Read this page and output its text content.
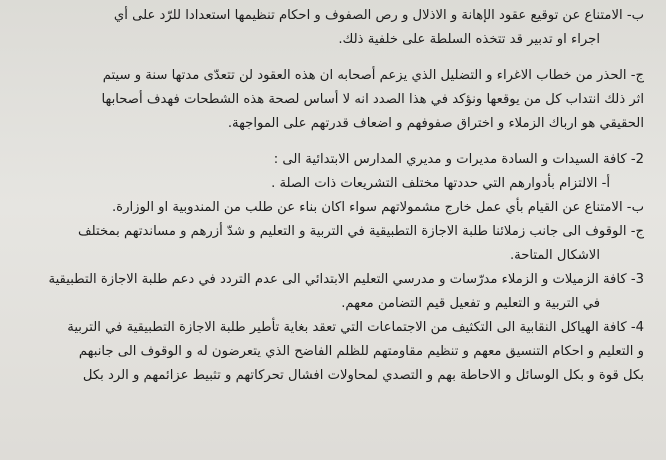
ب- الامتناع عن توقيع عقود الإهانة و الاذلال و رص الصفوف و احكام تنظيمها استعدادا للرّد على أي
اجراء او تدبير قد تتخذه السلطة على خلفية ذلك.
ج- الحذر من خطاب الاغراء و التضليل الذي يزعم أصحابه ان هذه العقود لن تتعدّى مدتها سنة و سيتم
اثر ذلك انتداب كل من يوقعها ونؤكد في هذا الصدد انه لا أساس لصحة هذه الشطحات فهدف أصحابها
الحقيقي هو ارباك الزملاء و اختراق صفوفهم و اضعاف قدرتهم على المواجهة.
2- كافة السيدات و السادة مديرات و مديري المدارس الابتدائية الى :
أ- الالتزام بأدوارهم التي حددتها مختلف التشريعات ذات الصلة .
ب- الامتناع عن القيام بأي عمل خارج مشمولاتهم سواء اكان بناء عن طلب من المندوبية او الوزارة.
ج- الوقوف الى جانب زملائنا طلبة الاجازة التطبيقية في التربية و التعليم و شدّ أزرهم و مساندتهم بمختلف
الاشكال المتاحة.
3- كافة الزميلات و الزملاء مدرّسات و مدرسي التعليم الابتدائي الى عدم التردد في دعم طلبة الاجازة التطبيقية
في التربية و التعليم و تفعيل قيم التضامن معهم.
4- كافة الهياكل النقابية الى التكثيف من الاجتماعات التي تعقد بغاية تأطير طلبة الاجازة التطبيقية في التربية
و التعليم و احكام التنسيق معهم و تنظيم مقاومتهم للظلم الفاضح الذي يتعرضون له و الوقوف الى جانبهم
بكل قوة و بكل الوسائل و الاحاطة بهم و التصدي لمحاولات افشال تحركاتهم و تثبيط عزائمهم و الرد بكل
